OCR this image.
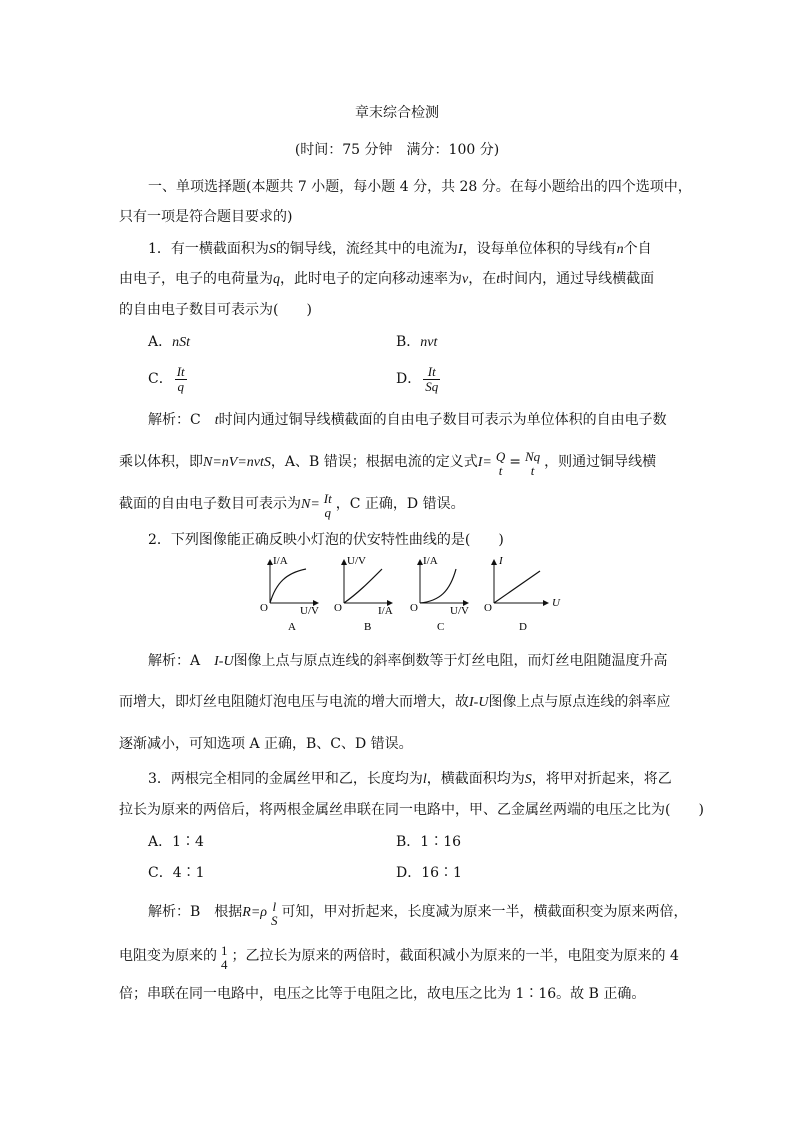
章末综合检测
(时间：75 分钟　满分：100 分)
一、单项选择题(本题共 7 小题，每小题 4 分，共 28 分。在每小题给出的四个选项中，
只有一项是符合题目要求的)
1．有一横截面积为S的铜导线，流经其中的电流为I，设每单位体积的导线有n个自
由电子，电子的电荷量为q，此时电子的定向移动速率为v，在t时间内，通过导线横截面
的自由电子数目可表示为(　　)
A．nSt	B．nvt
C． $\frac{It}{q}$	D． $\frac{It}{Sq}$
解析：C　t时间内通过铜导线横截面的自由电子数目可表示为单位体积的自由电子数
乘以体积，即N=nV=nvtS，A、B 错误；根据电流的定义式I= Q
t
= Nq
t
，则通过铜导线横
截面的自由电子数目可表示为N= It
q
，C 正确，D 错误。
2．下列图像能正确反映小灯泡的伏安特性曲线的是(　　)
I/A
U/V
O
A
U/V
I/A
O
B
I/A
U/V
O
C
I
U
O
D
解析：A　I-U图像上点与原点连线的斜率倒数等于灯丝电阻，而灯丝电阻随温度升高
而增大，即灯丝电阻随灯泡电压与电流的增大而增大，故I-U图像上点与原点连线的斜率应
逐渐减小，可知选项 A 正确，B、C、D 错误。
3．两根完全相同的金属丝甲和乙，长度均为l，横截面积均为S，将甲对折起来，将乙
拉长为原来的两倍后，将两根金属丝串联在同一电路中，甲、乙金属丝两端的电压之比为(　　)
A．1∶4	B．1∶16
C．4∶1	D．16∶1
解析：B　根据R=ρ l
S
可知，甲对折起来，长度减为原来一半，横截面积变为原来两倍，
电阻变为原来的 1
4
；乙拉长为原来的两倍时，截面积减小为原来的一半，电阻变为原来的 4
倍；串联在同一电路中，电压之比等于电阻之比，故电压之比为 1∶16。故 B 正确。
